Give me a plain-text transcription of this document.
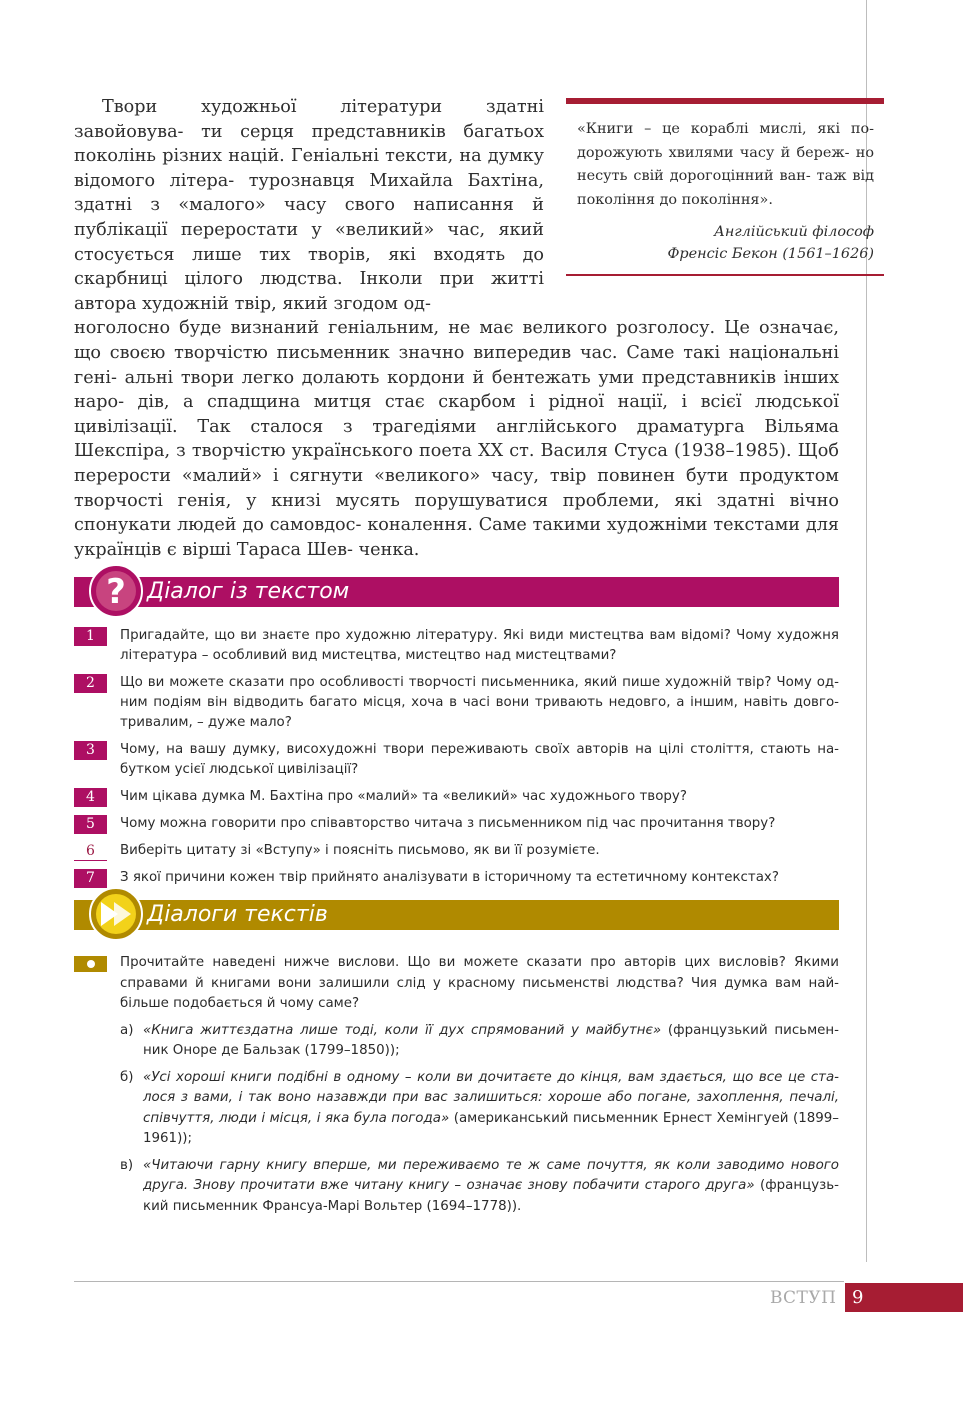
«Книги – це кораблі мислі, які по- дорожують хвилями часу й береж- но несуть свій дорогоцінний ван- таж від покоління до покоління».
Англійський філософ
Френсіс Бекон (1561–1626)
Твори художньої літератури здатні завойовува- ти серця представників багатьох поколінь різних націй. Геніальні тексти, на думку відомого літера- турознавця Михайла Бахтіна, здатні з «малого» часу свого написання й публікації переростати у «великий» час, який стосується лише тих творів, які входять до скарбниці цілого людства. Інколи при житті автора художній твір, який згодом од-
ноголосно буде визнаний геніальним, не має великого розголосу. Це означає, що своєю творчістю письменник значно випередив час. Саме такі національні гені- альні твори легко долають кордони й бентежать уми представників інших наро- дів, а спадщина митця стає скарбом і рідної нації, і всієї людської цивілізації. Так сталося з трагедіями англійського драматурга Вільяма Шекспіра, з творчістю українського поета XX ст. Василя Стуса (1938–1985). Щоб перерости «малий» і сягнути «великого» часу, твір повинен бути продуктом творчості генія, у книзі мусять порушуватися проблеми, які здатні вічно спонукати людей до самовдос- коналення. Саме такими художніми текстами для українців є вірші Тараса Шев- ченка.
? Діалог із текстом
1	Пригадайте, що ви знаєте про художню літературу. Які види мистецтва вам відомі? Чому художня література – особливий вид мистецтва, мистецтво над мистецтвами?
2	Що ви можете сказати про особливості творчості письменника, який пише художній твір? Чому од- ним подіям він відводить багато місця, хоча в часі вони тривають недовго, а іншим, навіть довго- тривалим, – дуже мало?
3	Чому, на вашу думку, висохудожні твори переживають своїх авторів на цілі століття, стають на- бутком усієї людської цивілізації?
4	Чим цікава думка М. Бахтіна про «малий» та «великий» час художнього твору?
5	Чому можна говорити про співавторство читача з письменником під час прочитання твору?
6	Виберіть цитату зі «Вступу» і поясніть письмово, як ви її розумієте.
7	З якої причини кожен твір прийнято аналізувати в історичному та естетичному контекстах?
Діалоги текстів
Прочитайте наведені нижче вислови. Що ви можете сказати про авторів цих висловів? Якими справами й книгами вони залишили слід у красному письменстві людства? Чия думка вам най- більше подобається й чому саме?
а) «Книга життєздатна лише тоді, коли її дух спрямований у майбутнє» (французький письмен- ник Оноре де Бальзак (1799–1850));
б) «Усі хороші книги подібні в одному – коли ви дочитаєте до кінця, вам здається, що все це ста- лося з вами, і так воно назавжди при вас залишиться: хороше або погане, захоплення, печалі, співчуття, люди і місця, і яка була погода» (американський письменник Ернест Хемінгуей (1899– 1961));
в) «Читаючи гарну книгу вперше, ми переживаємо те ж саме почуття, як коли заводимо нового друга. Знову прочитати вже читану книгу – означає знову побачити старого друга» (французь- кий письменник Франсуа-Марі Вольтер (1694–1778)).
ВСТУП 9
